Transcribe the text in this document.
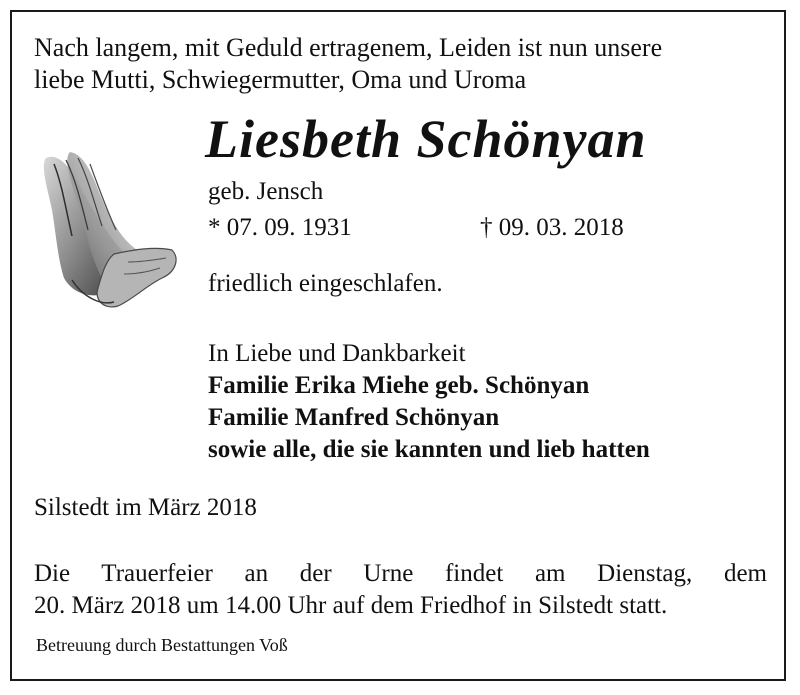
Nach langem, mit Geduld ertragenem, Leiden ist nun unsere
liebe Mutti, Schwiegermutter, Oma und Uroma
Liesbeth Schönyan
geb. Jensch
* 07. 09. 1931	† 09. 03. 2018
friedlich eingeschlafen.
In Liebe und Dankbarkeit
Familie Erika Miehe geb. Schönyan
Familie Manfred Schönyan
sowie alle, die sie kannten und lieb hatten
Silstedt im März 2018
Die Trauerfeier an der Urne findet am Dienstag, dem
20. März 2018 um 14.00 Uhr auf dem Friedhof in Silstedt statt.
Betreuung durch Bestattungen Voß
